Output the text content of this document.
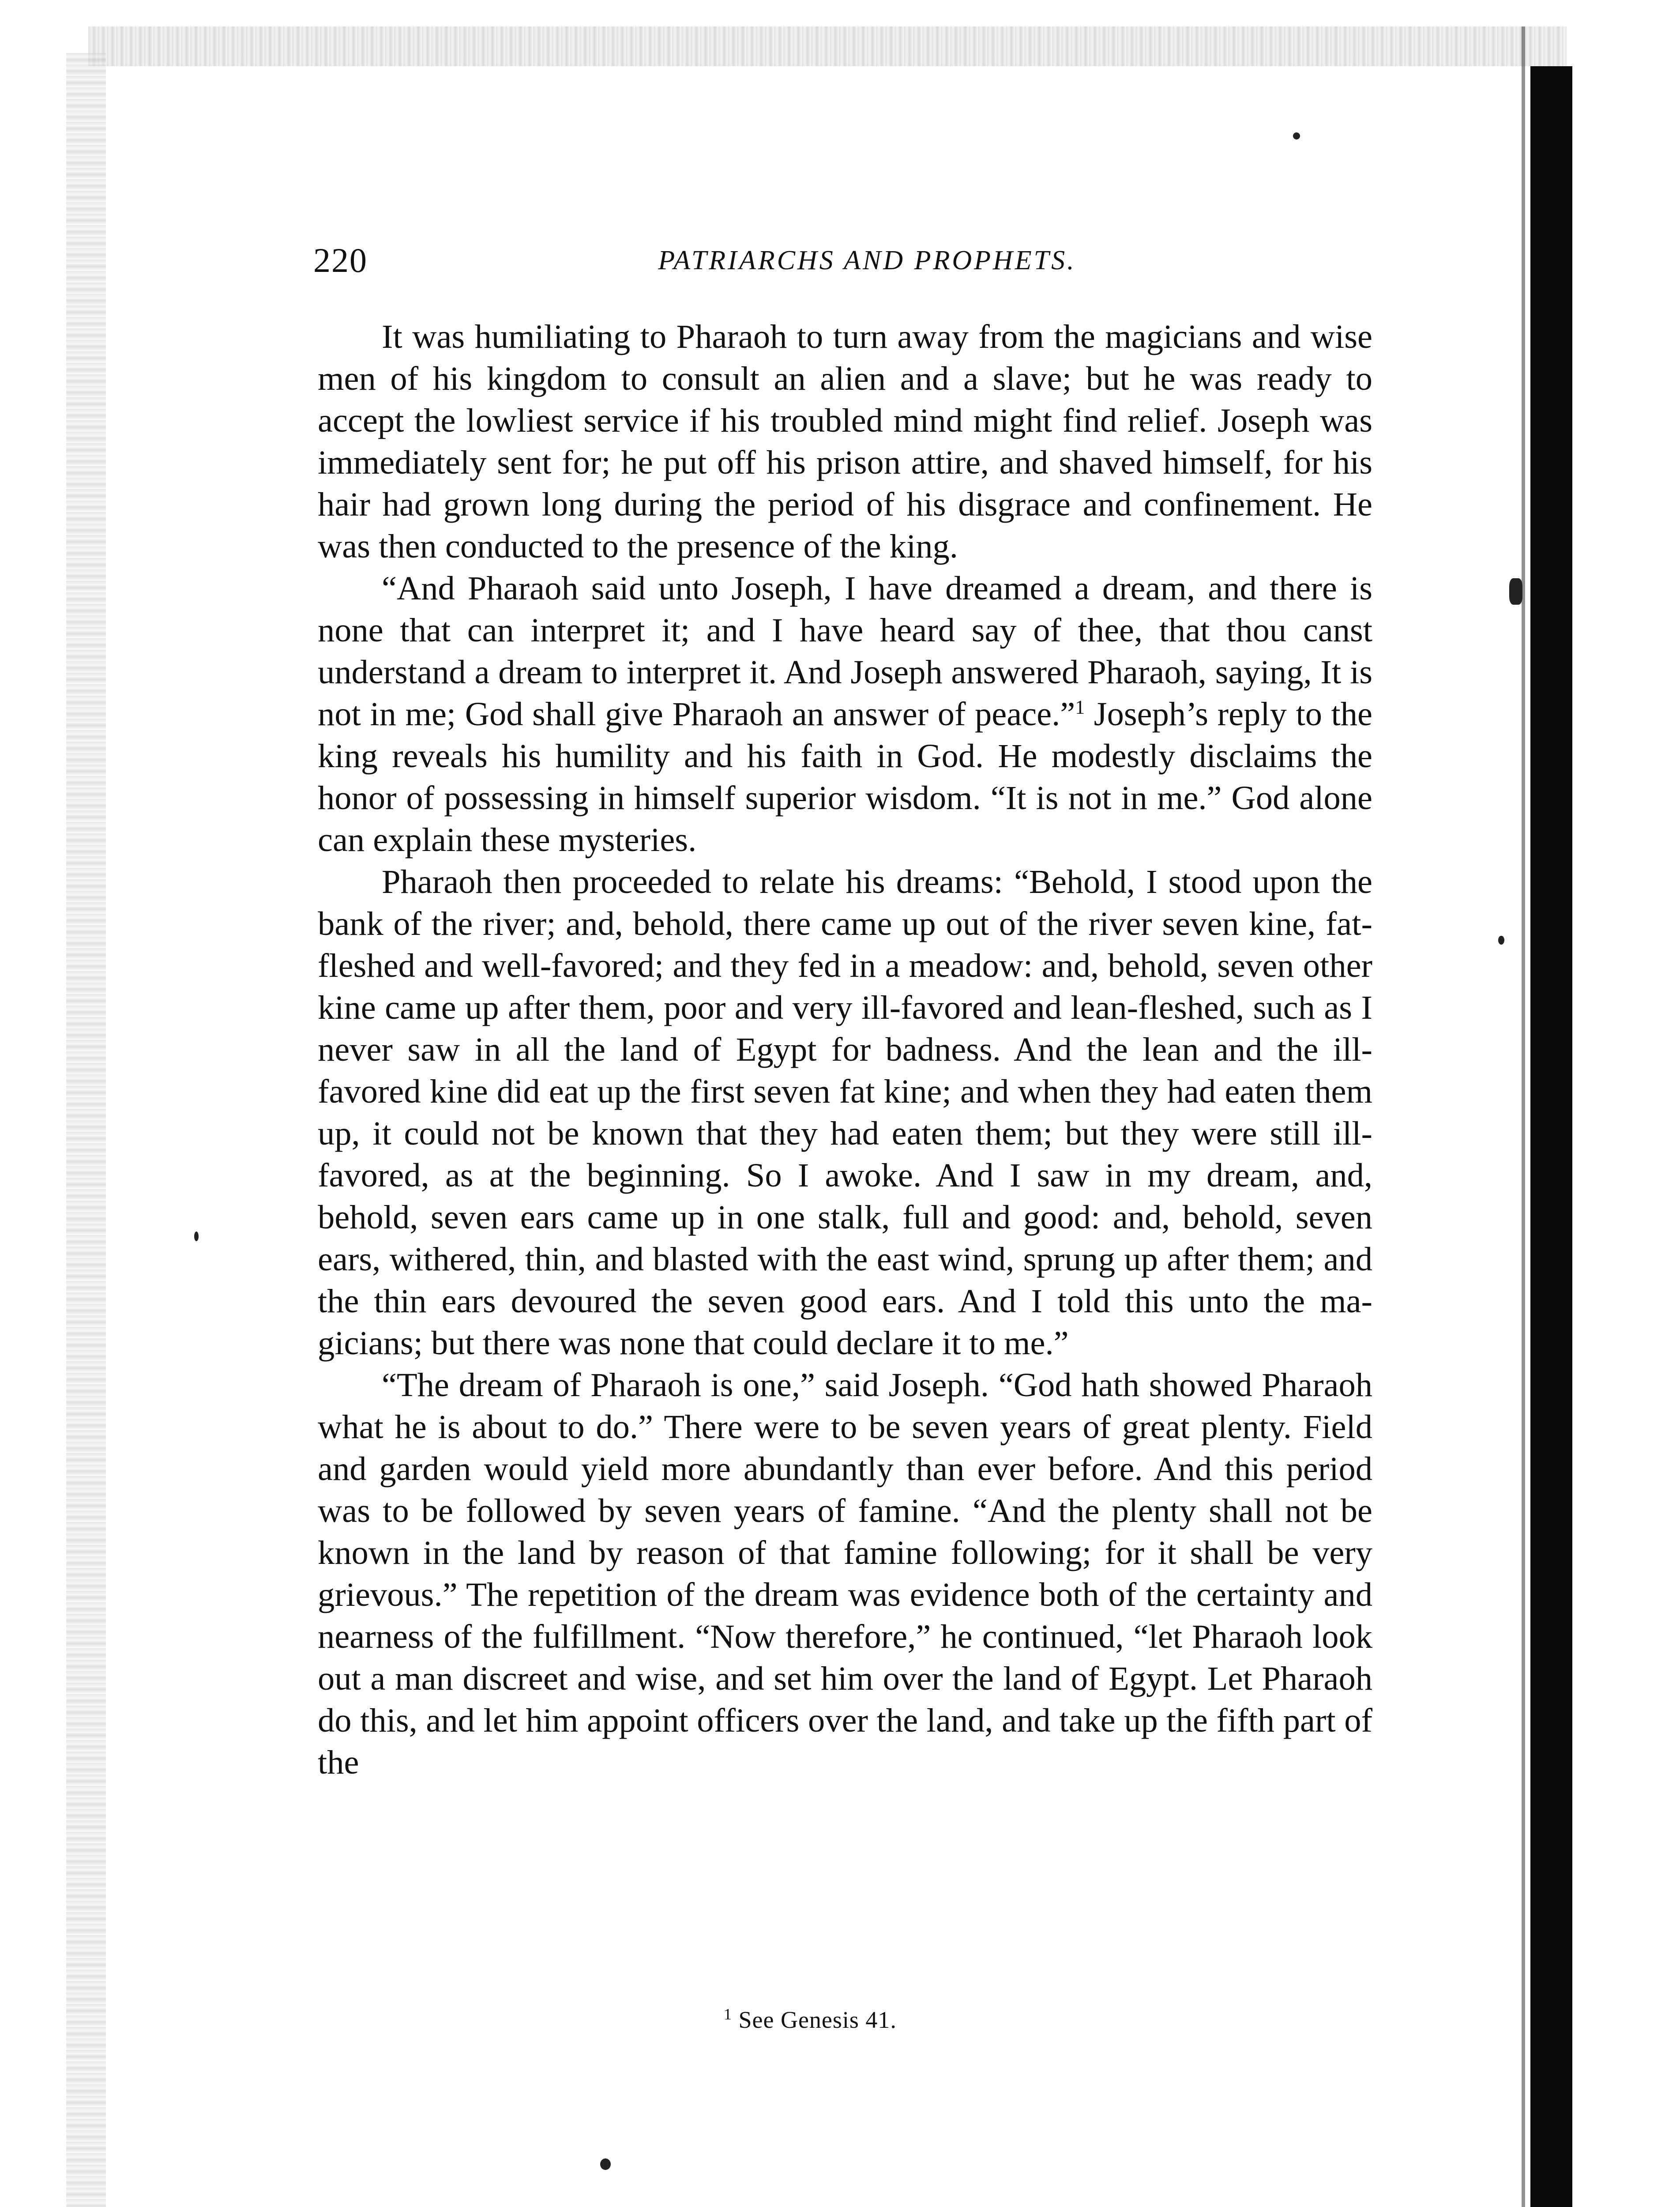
220	PATRIARCHS AND PROPHETS.

It was humiliating to Pharaoh to turn away from the magicians and wise men of his kingdom to consult an alien and a slave; but he was ready to accept the lowliest service if his troubled mind might find relief. Joseph was immediately sent for; he put off his prison attire, and shaved himself, for his hair had grown long during the period of his disgrace and confinement. He was then conducted to the presence of the king.

“And Pharaoh said unto Joseph, I have dreamed a dream, and there is none that can interpret it; and I have heard say of thee, that thou canst understand a dream to interpret it. And Joseph answered Pharaoh, saying, It is not in me; God shall give Pharaoh an answer of peace.”$^1$ Joseph’s reply to the king reveals his humility and his faith in God. He modestly disclaims the honor of possessing in himself superior wisdom. “It is not in me.” God alone can explain these mysteries.

Pharaoh then proceeded to relate his dreams: “Behold, I stood upon the bank of the river; and, behold, there came up out of the river seven kine, fat-fleshed and well-favored; and they fed in a meadow: and, behold, seven other kine came up after them, poor and very ill-favored and lean-fleshed, such as I never saw in all the land of Egypt for badness. And the lean and the ill-favored kine did eat up the first seven fat kine; and when they had eaten them up, it could not be known that they had eaten them; but they were still ill-favored, as at the beginning. So I awoke. And I saw in my dream, and, behold, seven ears came up in one stalk, full and good: and, behold, seven ears, withered, thin, and blasted with the east wind, sprung up after them; and the thin ears devoured the seven good ears. And I told this unto the magicians; but there was none that could declare it to me.”

“The dream of Pharaoh is one,” said Joseph. “God hath showed Pharaoh what he is about to do.” There were to be seven years of great plenty. Field and garden would yield more abundantly than ever before. And this period was to be followed by seven years of famine. “And the plenty shall not be known in the land by reason of that famine following; for it shall be very grievous.” The repetition of the dream was evidence both of the certainty and nearness of the fulfillment. “Now therefore,” he continued, “let Pharaoh look out a man discreet and wise, and set him over the land of Egypt. Let Pharaoh do this, and let him appoint officers over the land, and take up the fifth part of the

$^1$ See Genesis 41.
